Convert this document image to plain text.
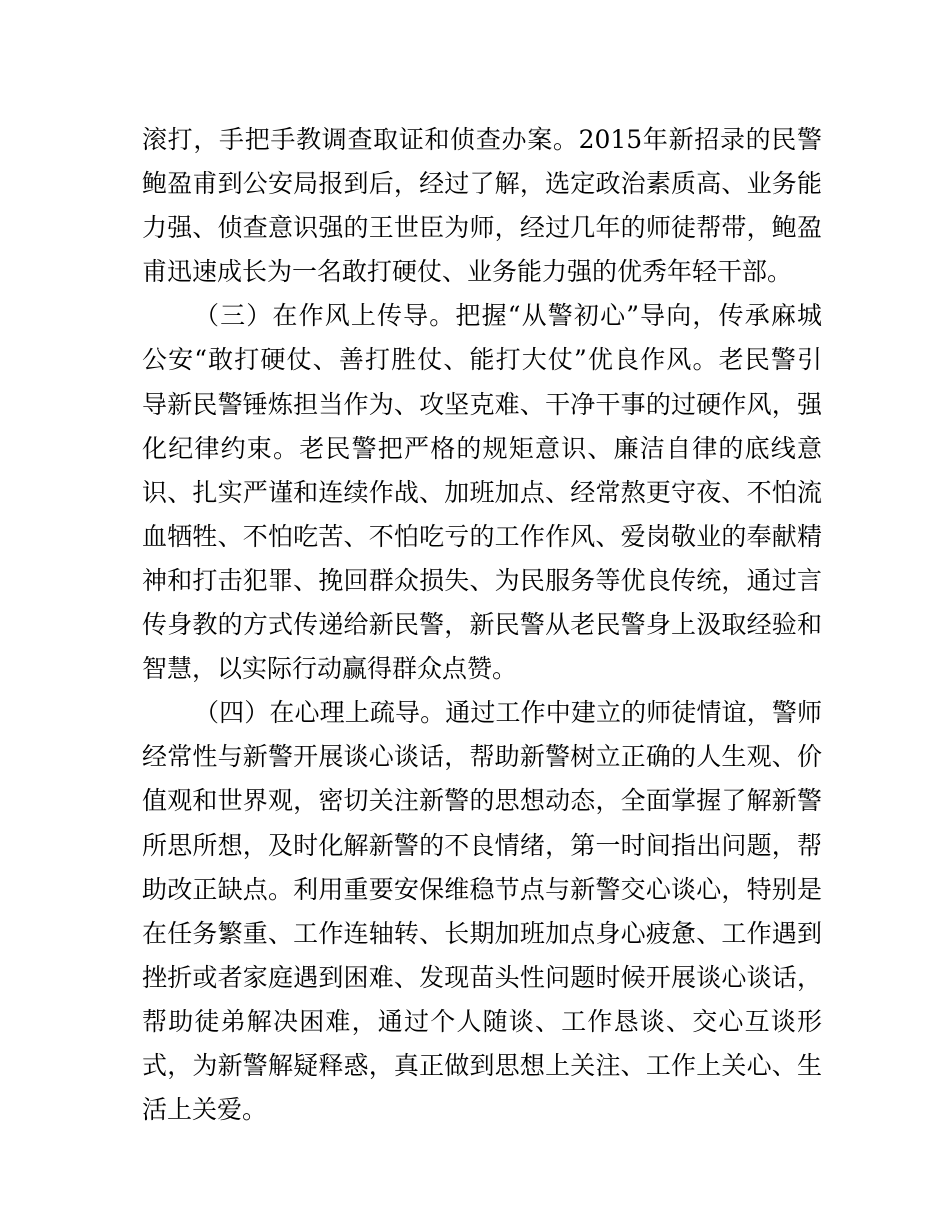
滚打，手把手教调查取证和侦查办案。2015年新招录的民警
鲍盈甫到公安局报到后，经过了解，选定政治素质高、业务能
力强、侦查意识强的王世臣为师，经过几年的师徒帮带，鲍盈
甫迅速成长为一名敢打硬仗、业务能力强的优秀年轻干部。
（三）在作风上传导。把握“从警初心”导向，传承麻城
公安“敢打硬仗、善打胜仗、能打大仗”优良作风。老民警引
导新民警锤炼担当作为、攻坚克难、干净干事的过硬作风，强
化纪律约束。老民警把严格的规矩意识、廉洁自律的底线意
识、扎实严谨和连续作战、加班加点、经常熬更守夜、不怕流
血牺牲、不怕吃苦、不怕吃亏的工作作风、爱岗敬业的奉献精
神和打击犯罪、挽回群众损失、为民服务等优良传统，通过言
传身教的方式传递给新民警，新民警从老民警身上汲取经验和
智慧，以实际行动赢得群众点赞。
（四）在心理上疏导。通过工作中建立的师徒情谊，警师
经常性与新警开展谈心谈话，帮助新警树立正确的人生观、价
值观和世界观，密切关注新警的思想动态，全面掌握了解新警
所思所想，及时化解新警的不良情绪，第一时间指出问题，帮
助改正缺点。利用重要安保维稳节点与新警交心谈心，特别是
在任务繁重、工作连轴转、长期加班加点身心疲惫、工作遇到
挫折或者家庭遇到困难、发现苗头性问题时候开展谈心谈话，
帮助徒弟解决困难，通过个人随谈、工作恳谈、交心互谈形
式，为新警解疑释惑，真正做到思想上关注、工作上关心、生
活上关爱。
